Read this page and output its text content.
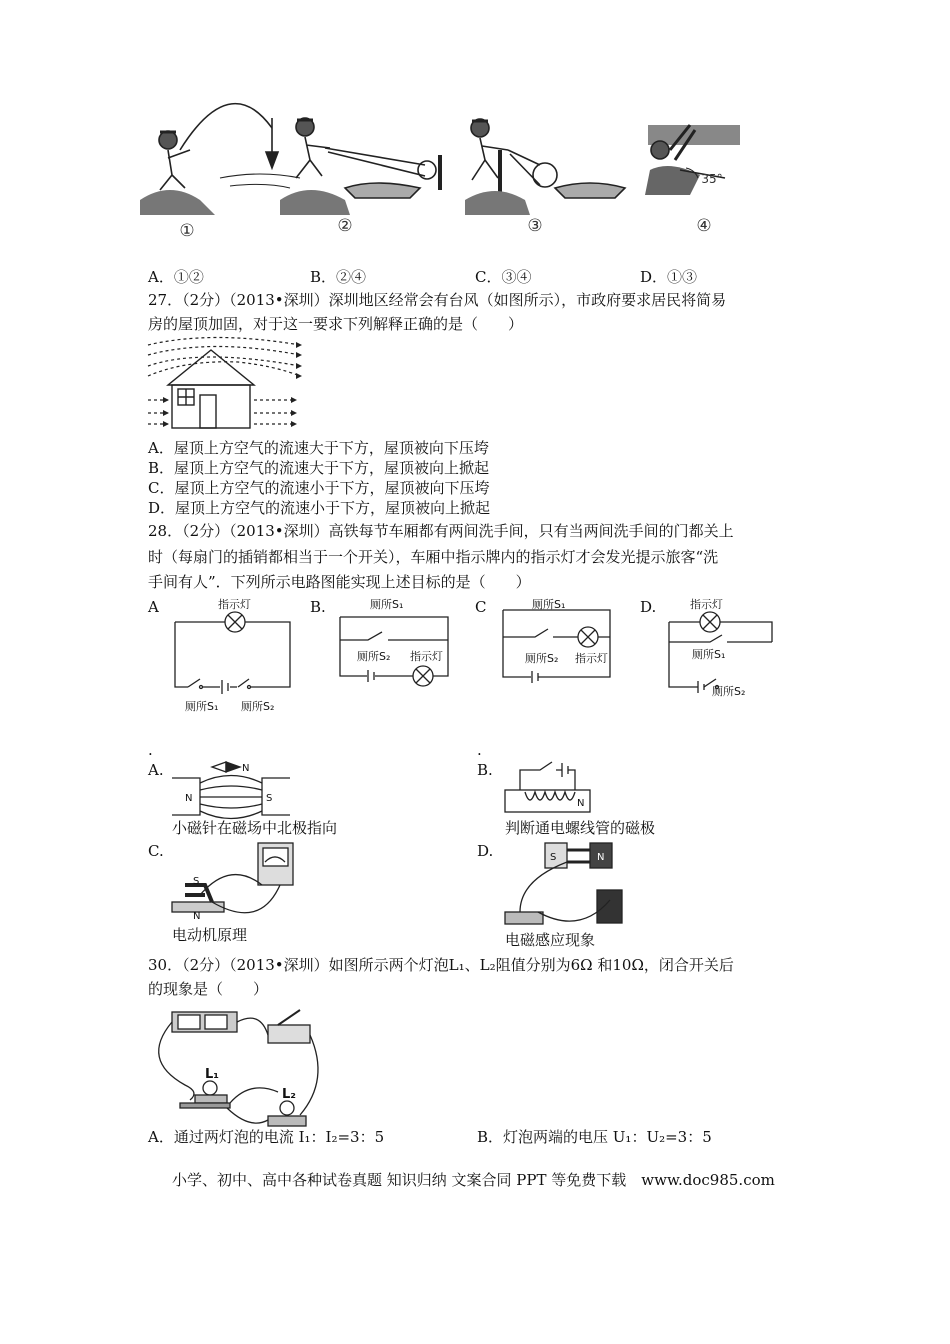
①	②	③	④
35°
A．①②	B．②④	C．③④	D．①③
27．（2分）（2013•深圳）深圳地区经常会有台风（如图所示），市政府要求居民将简易
房的屋顶加固，对于这一要求下列解释正确的是（　　）
A．屋顶上方空气的流速大于下方，屋顶被向下压垮
B．屋顶上方空气的流速大于下方，屋顶被向上掀起
C．屋顶上方空气的流速小于下方，屋顶被向下压垮
D．屋顶上方空气的流速小于下方，屋顶被向上掀起
28．（2分）（2013•深圳）高铁每节车厢都有两间洗手间，只有当两间洗手间的门都关上
时（每扇门的插销都相当于一个开关），车厢中指示牌内的指示灯才会发光提示旅客“洗
手间有人”．下列所示电路图能实现上述目标的是（　　）
A	B.	C	D.
指示灯
厕所S₁ 厕所S₂
厕所S₁
厕所S₂ 指示灯
厕所S₁
厕所S₂ 指示灯
指示灯
厕所S₁
厕所S₂
.	.
A.	B.
N	S
N
N
S
N
S	N
小磁针在磁场中北极指向	判断通电螺线管的磁极
C.	D.
电动机原理	电磁感应现象
30．（2分）（2013•深圳）如图所示两个灯泡L₁、L₂阻值分别为6Ω 和10Ω，闭合开关后
的现象是（　　）
L₁
L₂
A．通过两灯泡的电流 I₁：I₂=3：5	B．灯泡两端的电压 U₁：U₂=3：5
小学、初中、高中各种试卷真题 知识归纳 文案合同 PPT 等免费下载　www.doc985.com
